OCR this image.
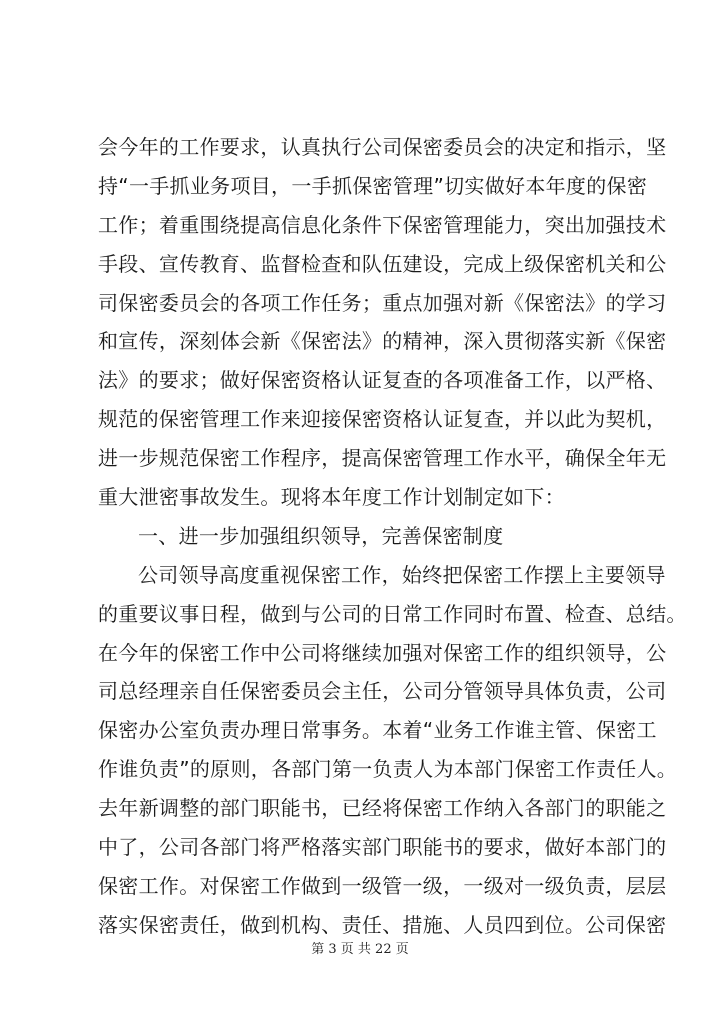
会今年的工作要求，认真执行公司保密委员会的决定和指示，坚
持“一手抓业务项目，一手抓保密管理”切实做好本年度的保密
工作；着重围绕提高信息化条件下保密管理能力，突出加强技术
手段、宣传教育、监督检查和队伍建设，完成上级保密机关和公
司保密委员会的各项工作任务；重点加强对新《保密法》的学习
和宣传，深刻体会新《保密法》的精神，深入贯彻落实新《保密
法》的要求；做好保密资格认证复查的各项准备工作，以严格、
规范的保密管理工作来迎接保密资格认证复查，并以此为契机，
进一步规范保密工作程序，提高保密管理工作水平，确保全年无
重大泄密事故发生。现将本年度工作计划制定如下：
一、进一步加强组织领导，完善保密制度
公司领导高度重视保密工作，始终把保密工作摆上主要领导
的重要议事日程，做到与公司的日常工作同时布置、检查、总结。
在今年的保密工作中公司将继续加强对保密工作的组织领导，公
司总经理亲自任保密委员会主任，公司分管领导具体负责，公司
保密办公室负责办理日常事务。本着“业务工作谁主管、保密工
作谁负责”的原则，各部门第一负责人为本部门保密工作责任人。
去年新调整的部门职能书，已经将保密工作纳入各部门的职能之
中了，公司各部门将严格落实部门职能书的要求，做好本部门的
保密工作。对保密工作做到一级管一级，一级对一级负责，层层
落实保密责任，做到机构、责任、措施、人员四到位。公司保密
第 3 页 共 22 页
